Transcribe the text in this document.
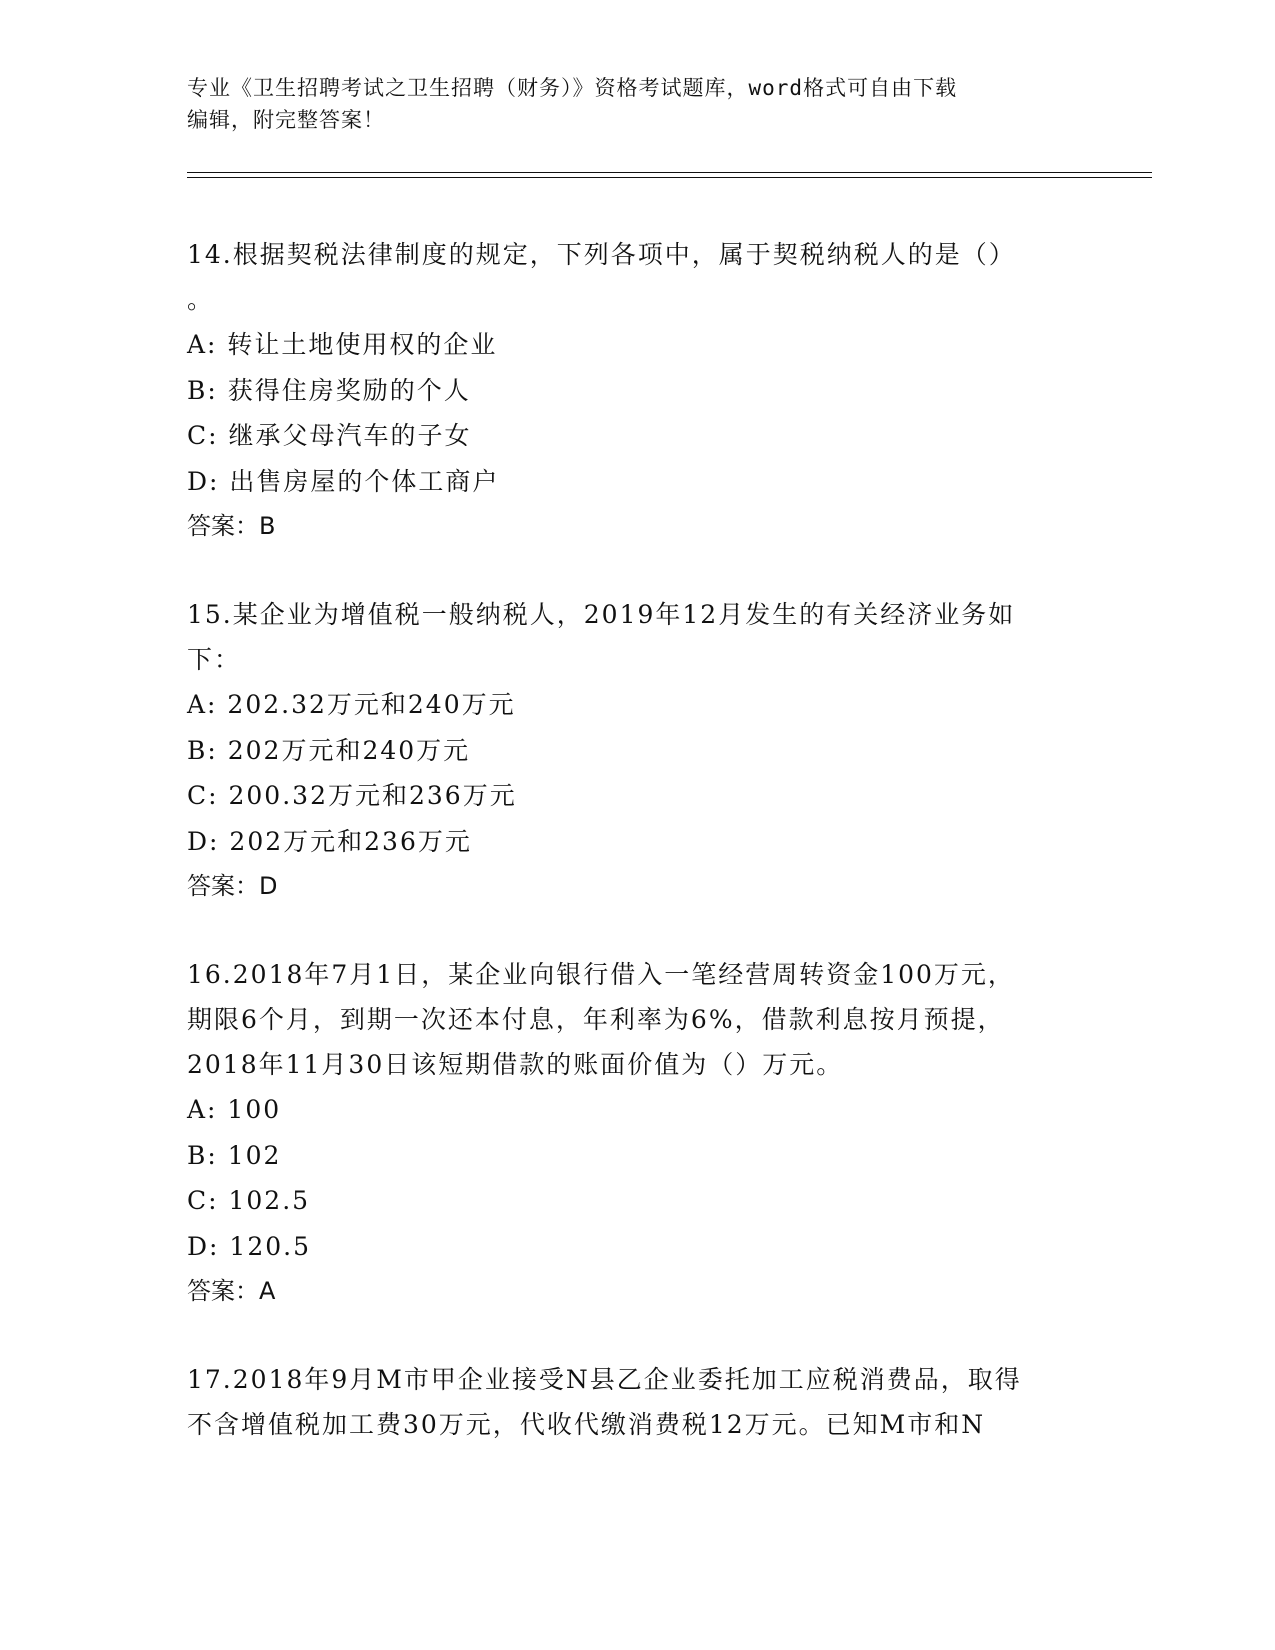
专业《卫生招聘考试之卫生招聘（财务）》资格考试题库，word格式可自由下载
编辑，附完整答案！
14.根据契税法律制度的规定，下列各项中，属于契税纳税人的是（）
。
A: 转让土地使用权的企业
B: 获得住房奖励的个人
C: 继承父母汽车的子女
D: 出售房屋的个体工商户
答案：B
15.某企业为增值税一般纳税人，2019年12月发生的有关经济业务如
下：
A: 202.32万元和240万元
B: 202万元和240万元
C: 200.32万元和236万元
D: 202万元和236万元
答案：D
16.2018年7月1日，某企业向银行借入一笔经营周转资金100万元，
期限6个月，到期一次还本付息，年利率为6%，借款利息按月预提，
2018年11月30日该短期借款的账面价值为（）万元。
A: 100
B: 102
C: 102.5
D: 120.5
答案：A
17.2018年9月M市甲企业接受N县乙企业委托加工应税消费品，取得
不含增值税加工费30万元，代收代缴消费税12万元。已知M市和N
